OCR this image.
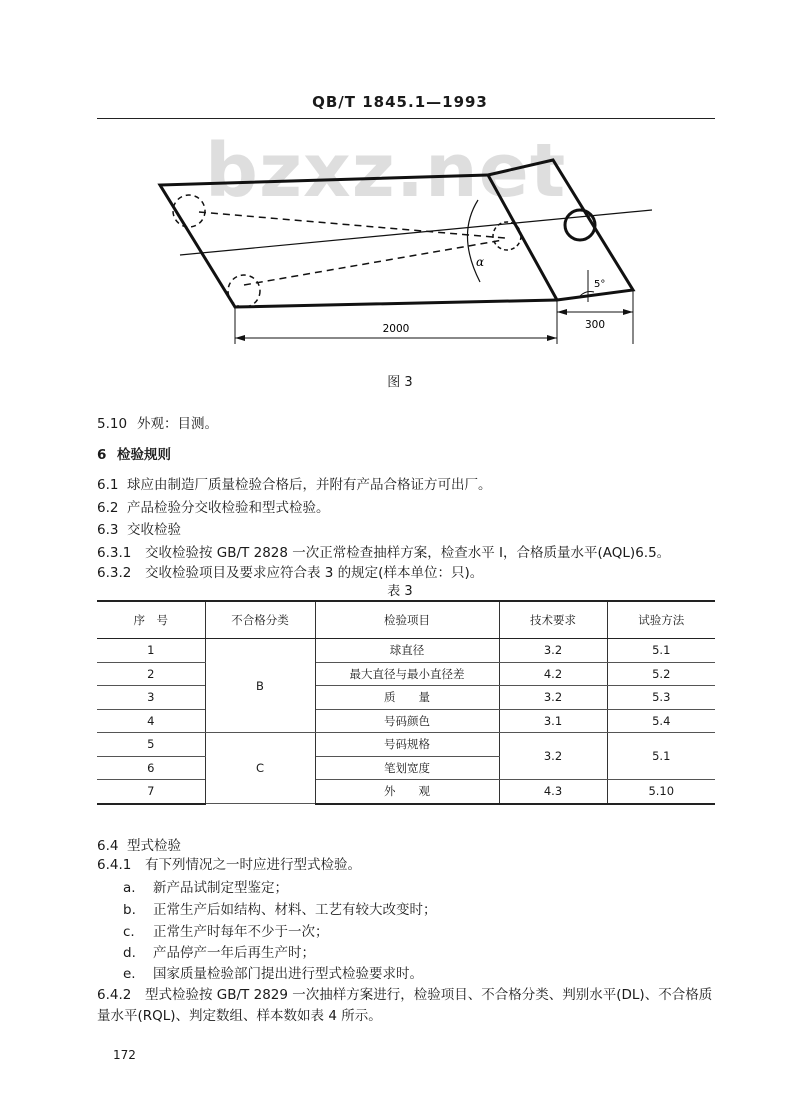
QB/T 1845.1—1993
bzxz.net
α
5°
2000	300
图 3
5.10 外观：目测。
6 检验规则
6.1 球应由制造厂质量检验合格后，并附有产品合格证方可出厂。
6.2 产品检验分交收检验和型式检验。
6.3 交收检验
6.3.1 交收检验按 GB/T 2828 一次正常检查抽样方案，检查水平 I，合格质量水平(AQL)6.5。
6.3.2 交收检验项目及要求应符合表 3 的规定(样本单位：只)。
表 3
序　号	不合格分类	检验项目	技术要求	试验方法
1	B	球直径	3.2	5.1
2		最大直径与最小直径差	4.2	5.2
3		质　　量	3.2	5.3
4		号码颜色	3.1	5.4
5	C	号码规格	3.2	5.1
6		笔划宽度		
7		外　　观	4.3	5.10
6.4 型式检验
6.4.1 有下列情况之一时应进行型式检验。
a. 新产品试制定型鉴定；
b. 正常生产后如结构、材料、工艺有较大改变时；
c. 正常生产时每年不少于一次；
d. 产品停产一年后再生产时；
e. 国家质量检验部门提出进行型式检验要求时。
6.4.2 型式检验按 GB/T 2829 一次抽样方案进行，检验项目、不合格分类、判别水平(DL)、不合格质
量水平(RQL)、判定数组、样本数如表 4 所示。
172
